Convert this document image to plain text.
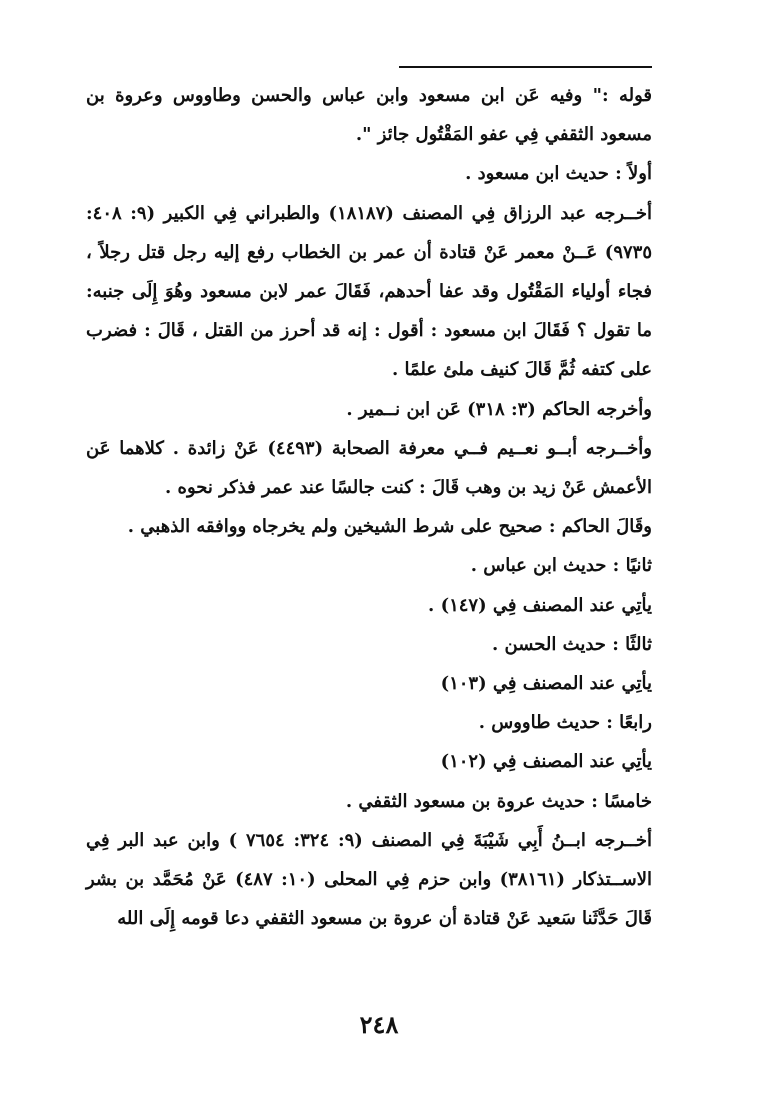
قوله :" وفيه عَن ابن مسعود وابن عباس والحسن وطاووس وعروة بن مسعود الثقفي فِي عفو المَقْتُول جائز ".

أولاً : حديث ابن مسعود .

أخــرجه عبد الرزاق فِي المصنف (١٨١٨٧) والطبراني فِي الكبير (٩: ٤٠٨: ٩٧٣٥) عَــنْ معمر عَنْ قتادة أن عمر بن الخطاب رفع إليه رجل قتل رجلاً ، فجاء أولياء المَقْتُول وقد عفا أحدهم، فَقَالَ عمر لابن مسعود وهُوَ إِلَى جنبه: ما تقول ؟ فَقَالَ ابن مسعود : أقول : إنه قد أحرز من القتل ، قَالَ : فضرب على كتفه ثُمَّ قَالَ كنيف ملئ علمًا .

وأخرجه الحاكم (٣: ٣١٨) عَن ابن نــمير .

وأخــرجه أبــو نعــيم فــي معرفة الصحابة (٤٤٩٣) عَنْ زائدة . كلاهما عَن الأعمش عَنْ زيد بن وهب قَالَ : كنت جالسًا عند عمر فذكر نحوه .

وقَالَ الحاكم : صحيح على شرط الشيخين ولم يخرجاه ووافقه الذهبي .

ثانيًا : حديث ابن عباس .

يأتِي عند المصنف فِي (١٤٧) .

ثالثًا : حديث الحسن .

يأتِي عند المصنف فِي (١٠٣)

رابعًا : حديث طاووس .

يأتِي عند المصنف فِي (١٠٢)

خامسًا : حديث عروة بن مسعود الثقفي .

أخــرجه ابــنُ أَبِي شَيْبَةَ فِي المصنف (٩: ٣٢٤: ٧٦٥٤ ) وابن عبد البر فِي الاســتذكار (٣٨١٦١) وابن حزم فِي المحلى (١٠: ٤٨٧) عَنْ مُحَمَّد بن بشر قَالَ حَدَّثَنا سَعيد عَنْ قتادة أن عروة بن مسعود الثقفي دعا قومه إِلَى الله

٢٤٨
